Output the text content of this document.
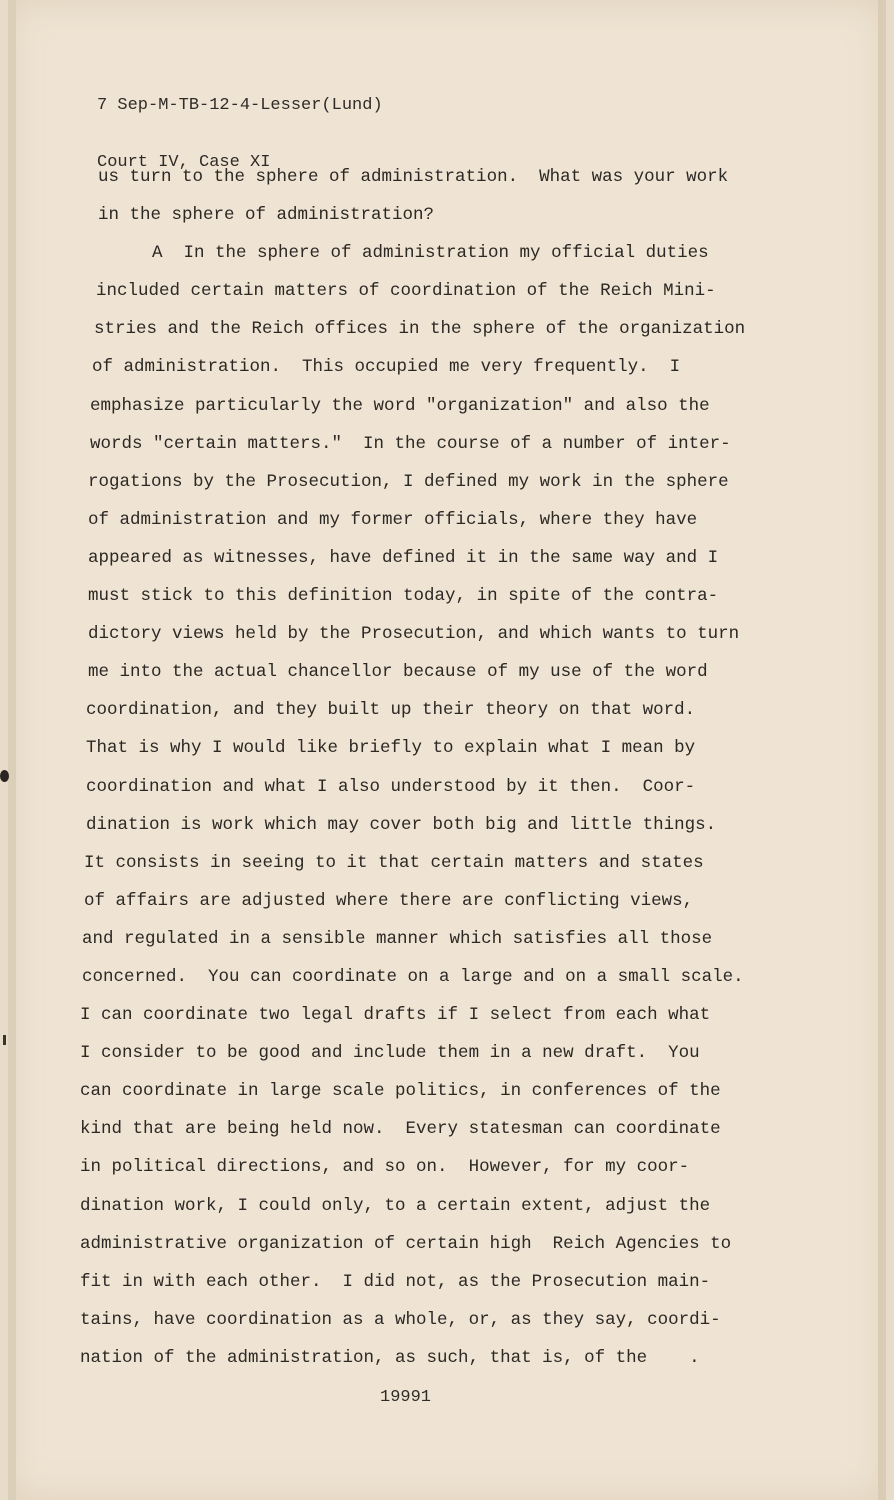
7 Sep-M-TB-12-4-Lesser(Lund)

Court IV, Case XI

us turn to the sphere of administration.  What was your work
in the sphere of administration?
A  In the sphere of administration my official duties
included certain matters of coordination of the Reich Mini-
stries and the Reich offices in the sphere of the organization
of administration.  This occupied me very frequently.  I
emphasize particularly the word "organization" and also the
words "certain matters."  In the course of a number of inter-
rogations by the Prosecution, I defined my work in the sphere
of administration and my former officials, where they have
appeared as witnesses, have defined it in the same way and I
must stick to this definition today, in spite of the contra-
dictory views held by the Prosecution, and which wants to turn
me into the actual chancellor because of my use of the word
coordination, and they built up their theory on that word.
That is why I would like briefly to explain what I mean by
coordination and what I also understood by it then.  Coor-
dination is work which may cover both big and little things.
It consists in seeing to it that certain matters and states
of affairs are adjusted where there are conflicting views,
and regulated in a sensible manner which satisfies all those
concerned.  You can coordinate on a large and on a small scale.
I can coordinate two legal drafts if I select from each what
I consider to be good and include them in a new draft.  You
can coordinate in large scale politics, in conferences of the
kind that are being held now.  Every statesman can coordinate
in political directions, and so on.  However, for my coor-
dination work, I could only, to a certain extent, adjust the
administrative organization of certain high  Reich Agencies to
fit in with each other.  I did not, as the Prosecution main-
tains, have coordination as a whole, or, as they say, coordi-
nation of the administration, as such, that is, of the    .
19991
